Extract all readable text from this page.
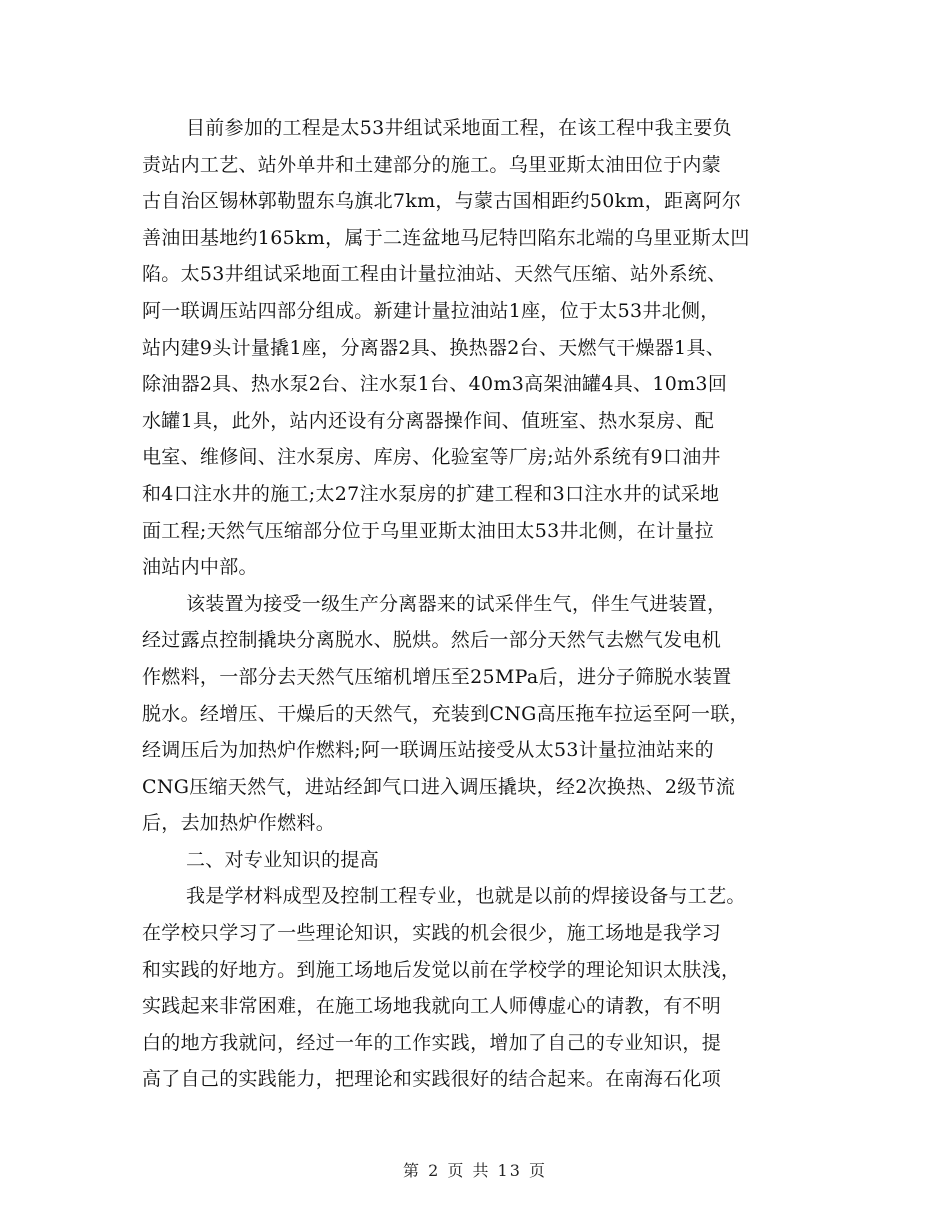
目前参加的工程是太53井组试采地面工程，在该工程中我主要负
责站内工艺、站外单井和土建部分的施工。乌里亚斯太油田位于内蒙
古自治区锡林郭勒盟东乌旗北7km，与蒙古国相距约50km，距离阿尔
善油田基地约165km，属于二连盆地马尼特凹陷东北端的乌里亚斯太凹
陷。太53井组试采地面工程由计量拉油站、天然气压缩、站外系统、
阿一联调压站四部分组成。新建计量拉油站1座，位于太53井北侧，
站内建9头计量撬1座，分离器2具、换热器2台、天燃气干燥器1具、
除油器2具、热水泵2台、注水泵1台、40m3高架油罐4具、10m3回
水罐1具，此外，站内还设有分离器操作间、值班室、热水泵房、配
电室、维修间、注水泵房、库房、化验室等厂房;站外系统有9口油井
和4口注水井的施工;太27注水泵房的扩建工程和3口注水井的试采地
面工程;天然气压缩部分位于乌里亚斯太油田太53井北侧，在计量拉
油站内中部。
该装置为接受一级生产分离器来的试采伴生气，伴生气进装置，
经过露点控制撬块分离脱水、脱烘。然后一部分天然气去燃气发电机
作燃料，一部分去天然气压缩机增压至25MPa后，进分子筛脱水装置
脱水。经增压、干燥后的天然气，充装到CNG高压拖车拉运至阿一联，
经调压后为加热炉作燃料;阿一联调压站接受从太53计量拉油站来的
CNG压缩天然气，进站经卸气口进入调压撬块，经2次换热、2级节流
后，去加热炉作燃料。
二、对专业知识的提高
我是学材料成型及控制工程专业，也就是以前的焊接设备与工艺。
在学校只学习了一些理论知识，实践的机会很少，施工场地是我学习
和实践的好地方。到施工场地后发觉以前在学校学的理论知识太肤浅，
实践起来非常困难，在施工场地我就向工人师傅虚心的请教，有不明
白的地方我就问，经过一年的工作实践，增加了自己的专业知识，提
高了自己的实践能力，把理论和实践很好的结合起来。在南海石化项
第 2 页 共 13 页
